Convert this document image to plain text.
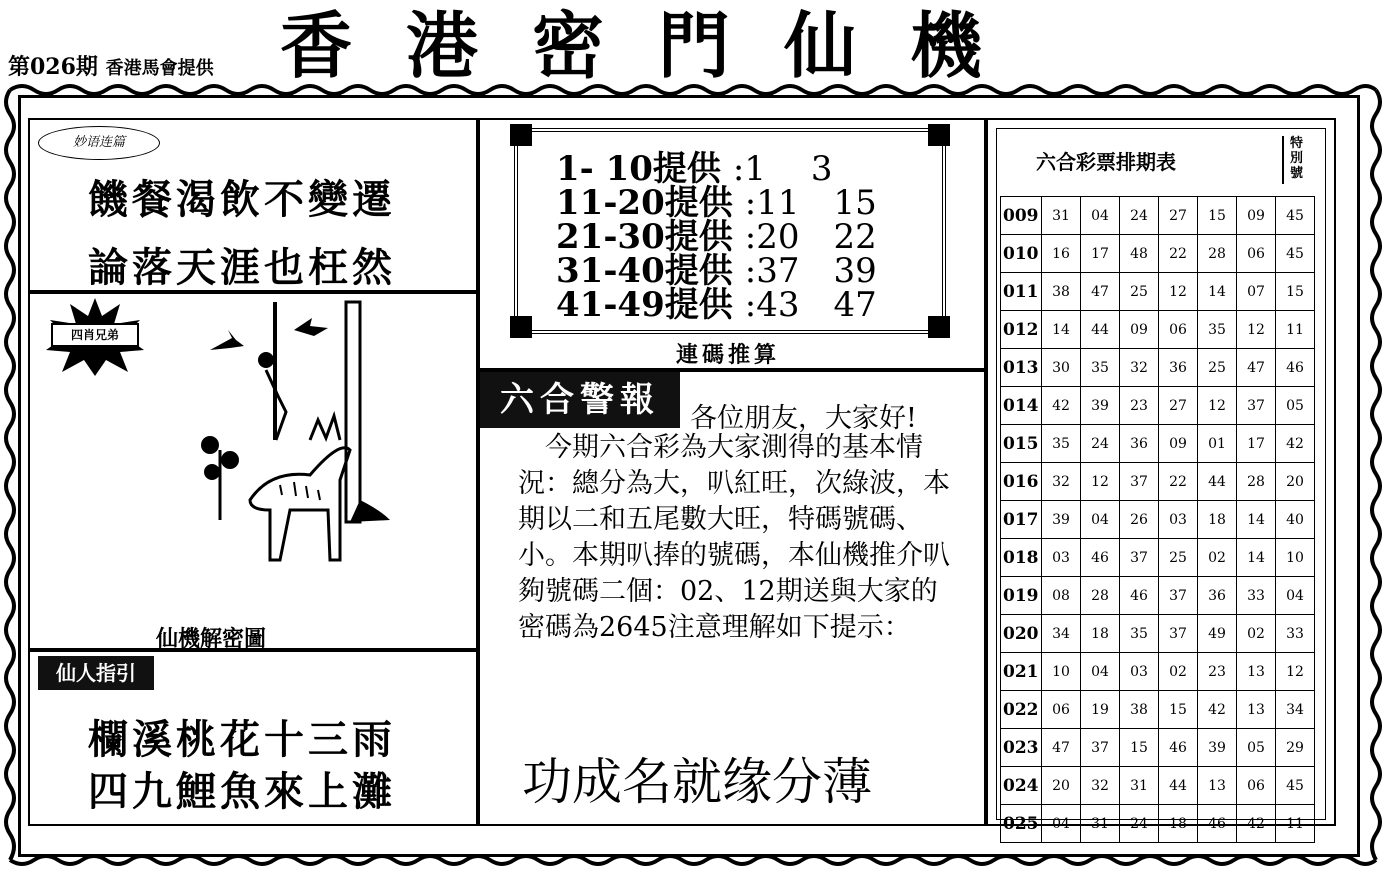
第026期 香港馬會提供 香港密門仙機
妙语连篇
饑餐渴飲不變遷
論落天涯也枉然
四肖兄弟
仙機解密圖
仙人指引
欄溪桃花十三雨
四九鯉魚來上灘
1- 10提供 :1　 3
11-20提供 :11　15
21-30提供 :20　22
31-40提供 :37　39
41-49提供 :43　47
連碼推算
六合警報	各位朋友，大家好!
　今期六合彩為大家測得的基本情況：總分為大，叭紅旺，次綠波，本期以二和五尾數大旺，特碼號碼、小。本期叭捧的號碼，本仙機推介叭夠號碼二個：02、12期送與大家的密碼為2645注意理解如下提示：
功成名就缘分薄
六合彩票排期表
特別號
009	31	04	24	27	15	09	45
010	16	17	48	22	28	06	45
011	38	47	25	12	14	07	15
012	14	44	09	06	35	12	11
013	30	35	32	36	25	47	46
014	42	39	23	27	12	37	05
015	35	24	36	09	01	17	42
016	32	12	37	22	44	28	20
017	39	04	26	03	18	14	40
018	03	46	37	25	02	14	10
019	08	28	46	37	36	33	04
020	34	18	35	37	49	02	33
021	10	04	03	02	23	13	12
022	06	19	38	15	42	13	34
023	47	37	15	46	39	05	29
024	20	32	31	44	13	06	45
025	04	31	24	18	46	42	11
